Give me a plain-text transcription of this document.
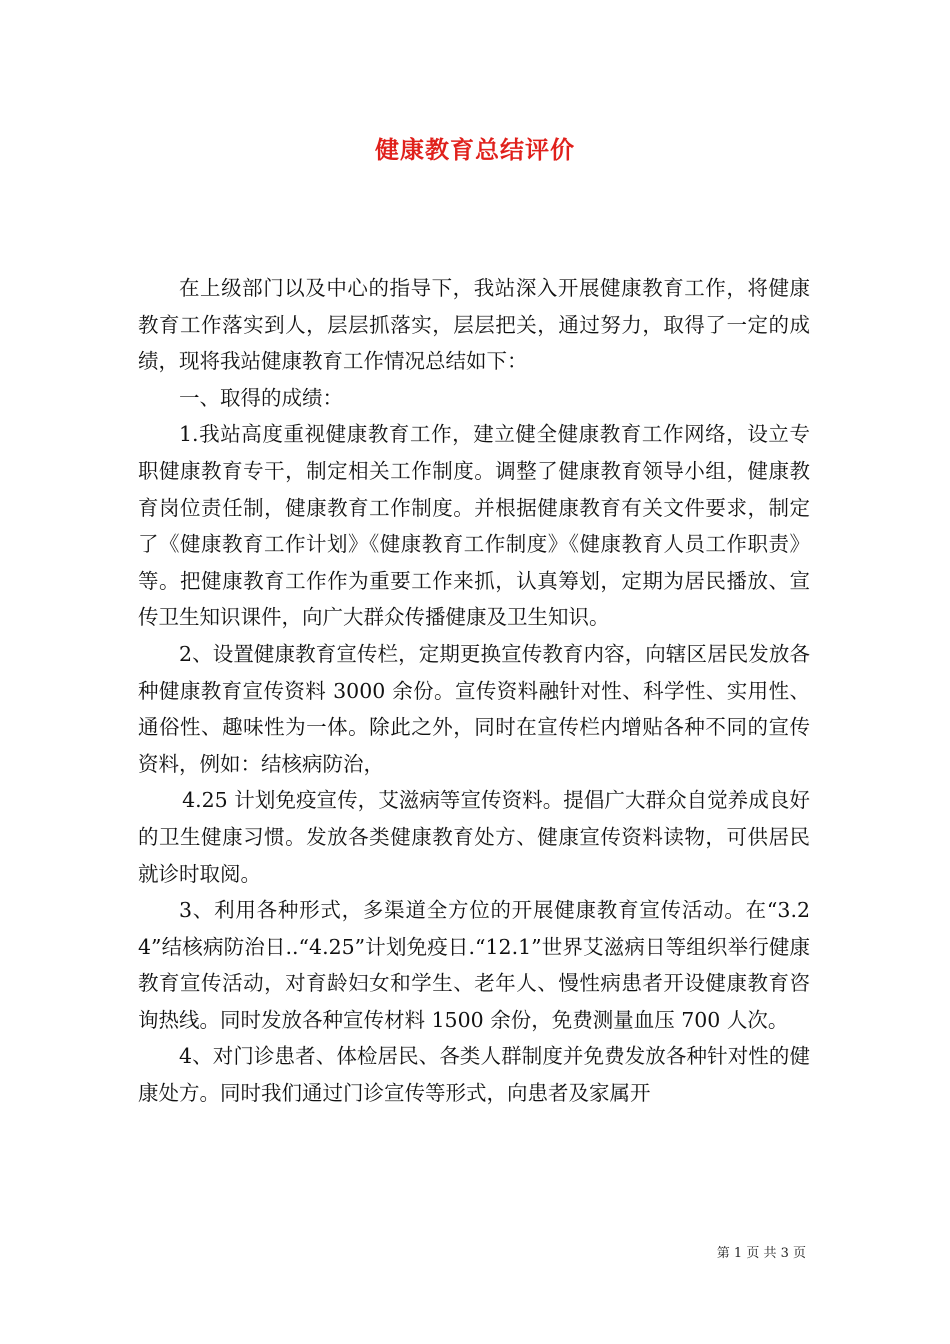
健康教育总结评价

在上级部门以及中心的指导下，我站深入开展健康教育工作，将健康教育工作落实到人，层层抓落实，层层把关，通过努力，取得了一定的成绩，现将我站健康教育工作情况总结如下：

一、取得的成绩：

1.我站高度重视健康教育工作，建立健全健康教育工作网络，设立专职健康教育专干，制定相关工作制度。调整了健康教育领导小组，健康教育岗位责任制，健康教育工作制度。并根据健康教育有关文件要求，制定了《健康教育工作计划》《健康教育工作制度》《健康教育人员工作职责》等。把健康教育工作作为重要工作来抓，认真筹划，定期为居民播放、宣传卫生知识课件，向广大群众传播健康及卫生知识。

2、设置健康教育宣传栏，定期更换宣传教育内容，向辖区居民发放各种健康教育宣传资料 3000 余份。宣传资料融针对性、科学性、实用性、通俗性、趣味性为一体。除此之外，同时在宣传栏内增贴各种不同的宣传资料，例如：结核病防治，

4.25 计划免疫宣传，艾滋病等宣传资料。提倡广大群众自觉养成良好的卫生健康习惯。发放各类健康教育处方、健康宣传资料读物，可供居民就诊时取阅。

3、利用各种形式，多渠道全方位的开展健康教育宣传活动。在“3.24”结核病防治日..“4.25”计划免疫日.“12.1”世界艾滋病日等组织举行健康教育宣传活动，对育龄妇女和学生、老年人、慢性病患者开设健康教育咨询热线。同时发放各种宣传材料 1500 余份，免费测量血压 700 人次。

4、对门诊患者、体检居民、各类人群制度并免费发放各种针对性的健康处方。同时我们通过门诊宣传等形式，向患者及家属开

第 1 页 共 3 页
